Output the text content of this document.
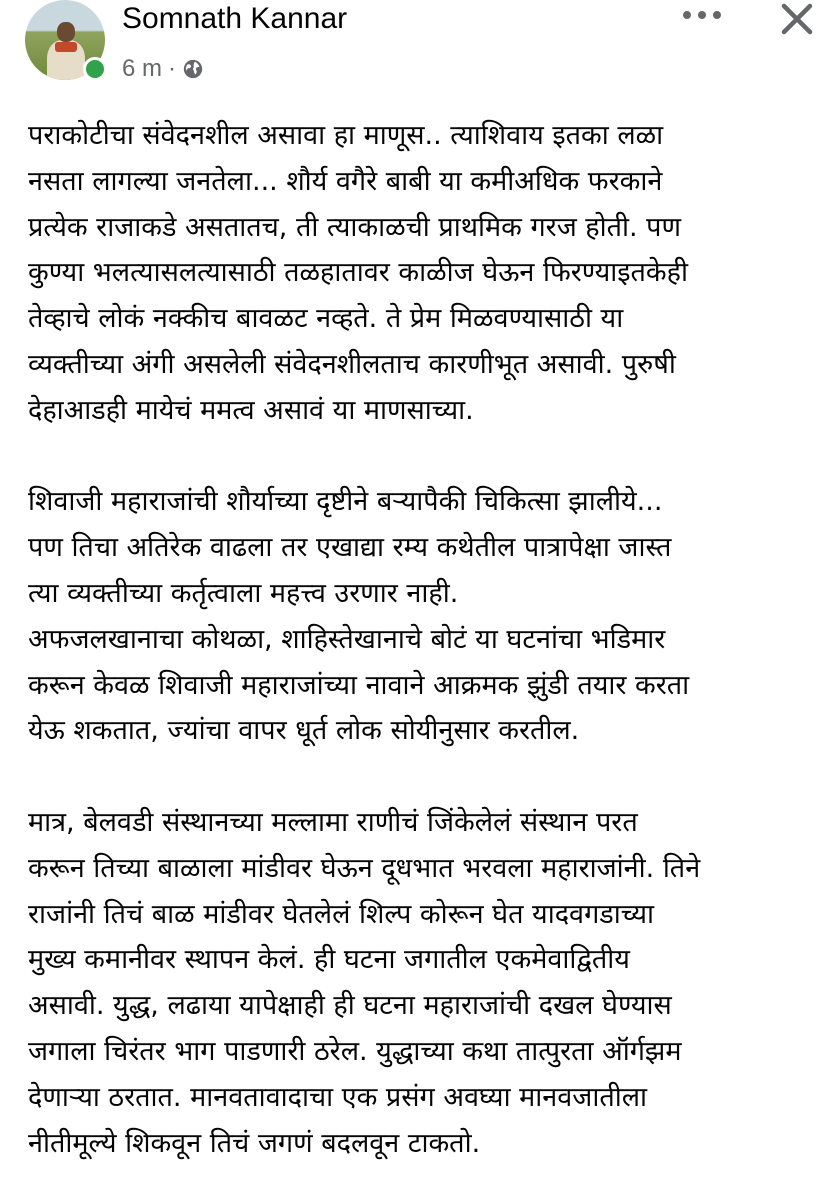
Somnath Kannar
6 m ·

पराकोटीचा संवेदनशील असावा हा माणूस.. त्याशिवाय इतका लळा

नसता लागल्या जनतेला... शौर्य वगैरे बाबी या कमीअधिक फरकाने

प्रत्येक राजाकडे असतातच, ती त्याकाळची प्राथमिक गरज होती. पण

कुण्या भलत्यासलत्यासाठी तळहातावर काळीज घेऊन फिरण्याइतकेही

तेव्हाचे लोकं नक्कीच बावळट नव्हते. ते प्रेम मिळवण्यासाठी या

व्यक्तीच्या अंगी असलेली संवेदनशीलताच कारणीभूत असावी. पुरुषी

देहाआडही मायेचं ममत्व असावं या माणसाच्या.

शिवाजी महाराजांची शौर्याच्या दृष्टीने बऱ्यापैकी चिकित्सा झालीये...

पण तिचा अतिरेक वाढला तर एखाद्या रम्य कथेतील पात्रापेक्षा जास्त

त्या व्यक्तीच्या कर्तृत्वाला महत्त्व उरणार नाही.

अफजलखानाचा कोथळा, शाहिस्तेखानाचे बोटं या घटनांचा भडिमार

करून केवळ शिवाजी महाराजांच्या नावाने आक्रमक झुंडी तयार करता

येऊ शकतात, ज्यांचा वापर धूर्त लोक सोयीनुसार करतील.

मात्र, बेलवडी संस्थानच्या मल्लामा राणीचं जिंकेलेलं संस्थान परत

करून तिच्या बाळाला मांडीवर घेऊन दूधभात भरवला महाराजांनी. तिने

राजांनी तिचं बाळ मांडीवर घेतलेलं शिल्प कोरून घेत यादवगडाच्या

मुख्य कमानीवर स्थापन केलं. ही घटना जगातील एकमेवाद्वितीय

असावी. युद्ध, लढाया यापेक्षाही ही घटना महाराजांची दखल घेण्यास

जगाला चिरंतर भाग पाडणारी ठरेल. युद्धाच्या कथा तात्पुरता ऑर्गझम

देणाऱ्या ठरतात. मानवतावादाचा एक प्रसंग अवघ्या मानवजातीला

नीतीमूल्ये शिकवून तिचं जगणं बदलवून टाकतो.
